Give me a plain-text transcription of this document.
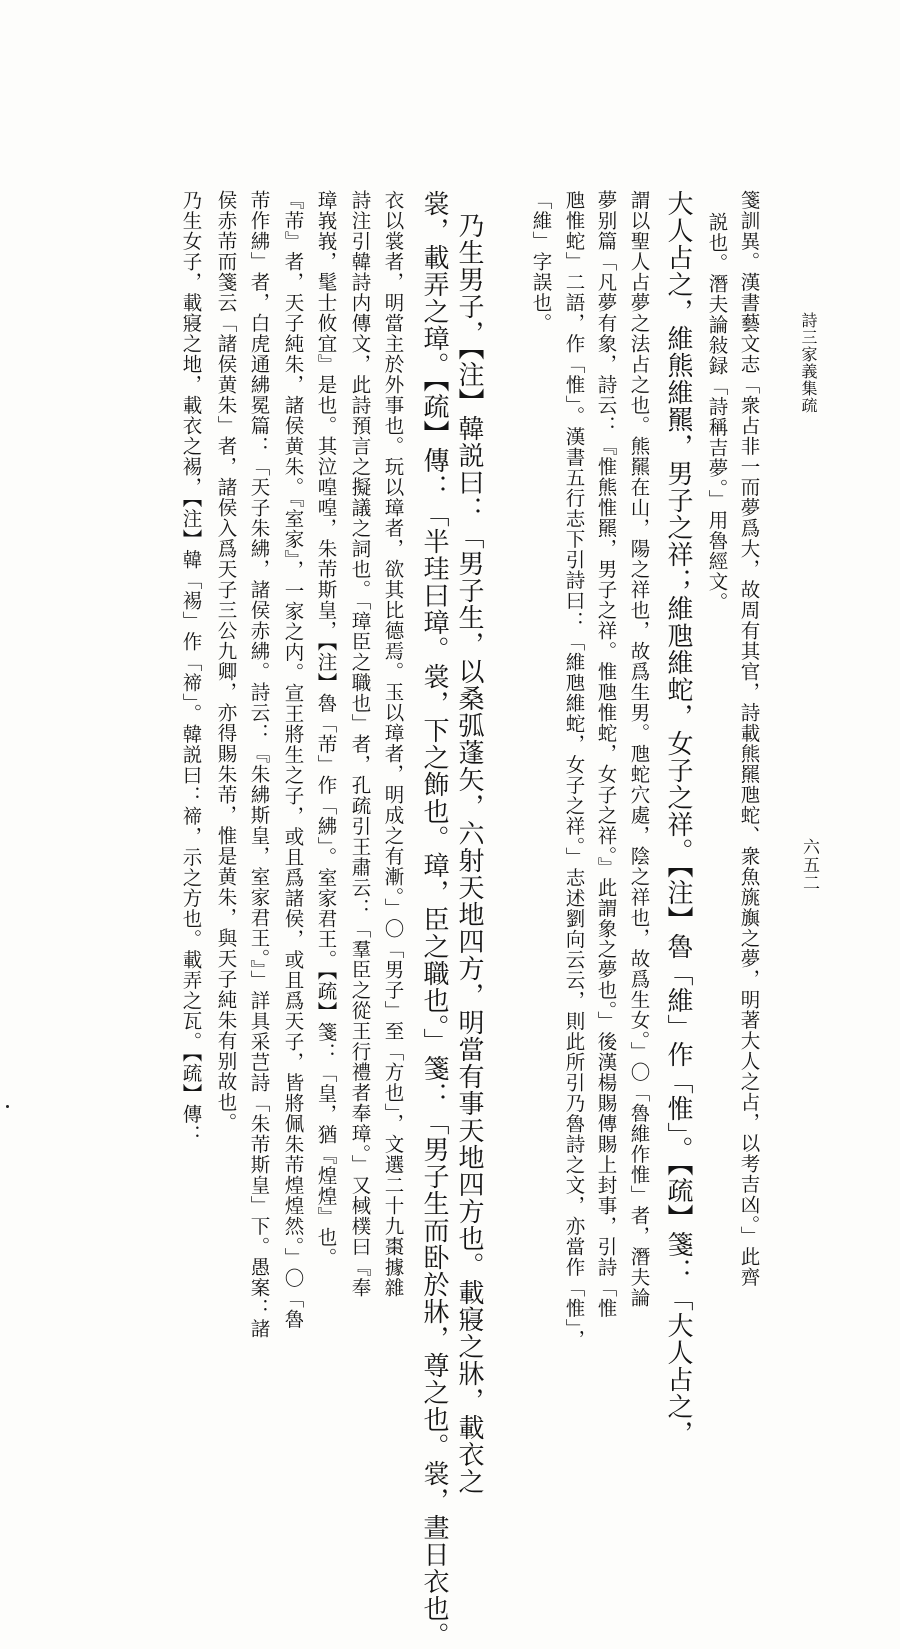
詩三家義集疏
六五二
箋訓異。漢書藝文志「衆占非一而夢爲大，故周有其官，詩載熊羆虺蛇、衆魚旐旟之夢，明著大人之占，以考吉凶。」此齊
説也。潛夫論敍録「詩稱吉夢。」用魯經文。
大人占之，維熊維羆，男子之祥；維虺維蛇，女子之祥。【注】魯「維」作「惟」。【疏】箋：「大人占之，
謂以聖人占夢之法占之也。熊羆在山，陽之祥也，故爲生男。虺蛇穴處，陰之祥也，故爲生女。」〇「魯維作惟」者，潛夫論
夢别篇「凡夢有象，詩云：『惟熊惟羆，男子之祥。惟虺惟蛇，女子之祥。』此謂象之夢也。」後漢楊賜傳賜上封事，引詩「惟
虺惟蛇」二語，作「惟」。漢書五行志下引詩曰：「維虺維蛇，女子之祥。」志述劉向云云，則此所引乃魯詩之文，亦當作「惟」，
「維」字誤也。
乃生男子，【注】韓説曰：「男子生，以桑弧蓬矢，六射天地四方，明當有事天地四方也。載寢之牀，載衣之
裳，載弄之璋。【疏】傳：「半珪曰璋。裳，下之飾也。璋，臣之職也。」箋：「男子生而卧於牀，尊之也。裳，晝日衣也。
衣以裳者，明當主於外事也。玩以璋者，欲其比德焉。玉以璋者，明成之有漸。」〇「男子」至「方也」，文選二十九棗據雜
詩注引韓詩内傳文，此詩預言之擬議之詞也。「璋臣之職也」者，孔疏引王肅云：「羣臣之從王行禮者奉璋。」又棫樸曰『奉
璋峩峩，髦士攸宜』是也。其泣喤喤，朱芾斯皇，【注】魯「芾」作「紼」。室家君王。【疏】箋：「皇，猶『煌煌』也。
『芾』者，天子純朱，諸侯黄朱。『室家』，一家之内。宣王將生之子，或且爲諸侯，或且爲天子，皆將佩朱芾煌煌然。」〇「魯
芾作紼」者，白虎通紼冕篇：「天子朱紼，諸侯赤紼。詩云：『朱紼斯皇，室家君王。』」詳具采芑詩「朱芾斯皇」下。愚案：諸
侯赤芾而箋云「諸侯黄朱」者，諸侯入爲天子三公九卿，亦得賜朱芾，惟是黄朱，與天子純朱有别故也。
乃生女子，載寢之地，載衣之裼，【注】韓「裼」作「禘」。韓説曰：禘，示之方也。載弄之瓦。【疏】傳：
